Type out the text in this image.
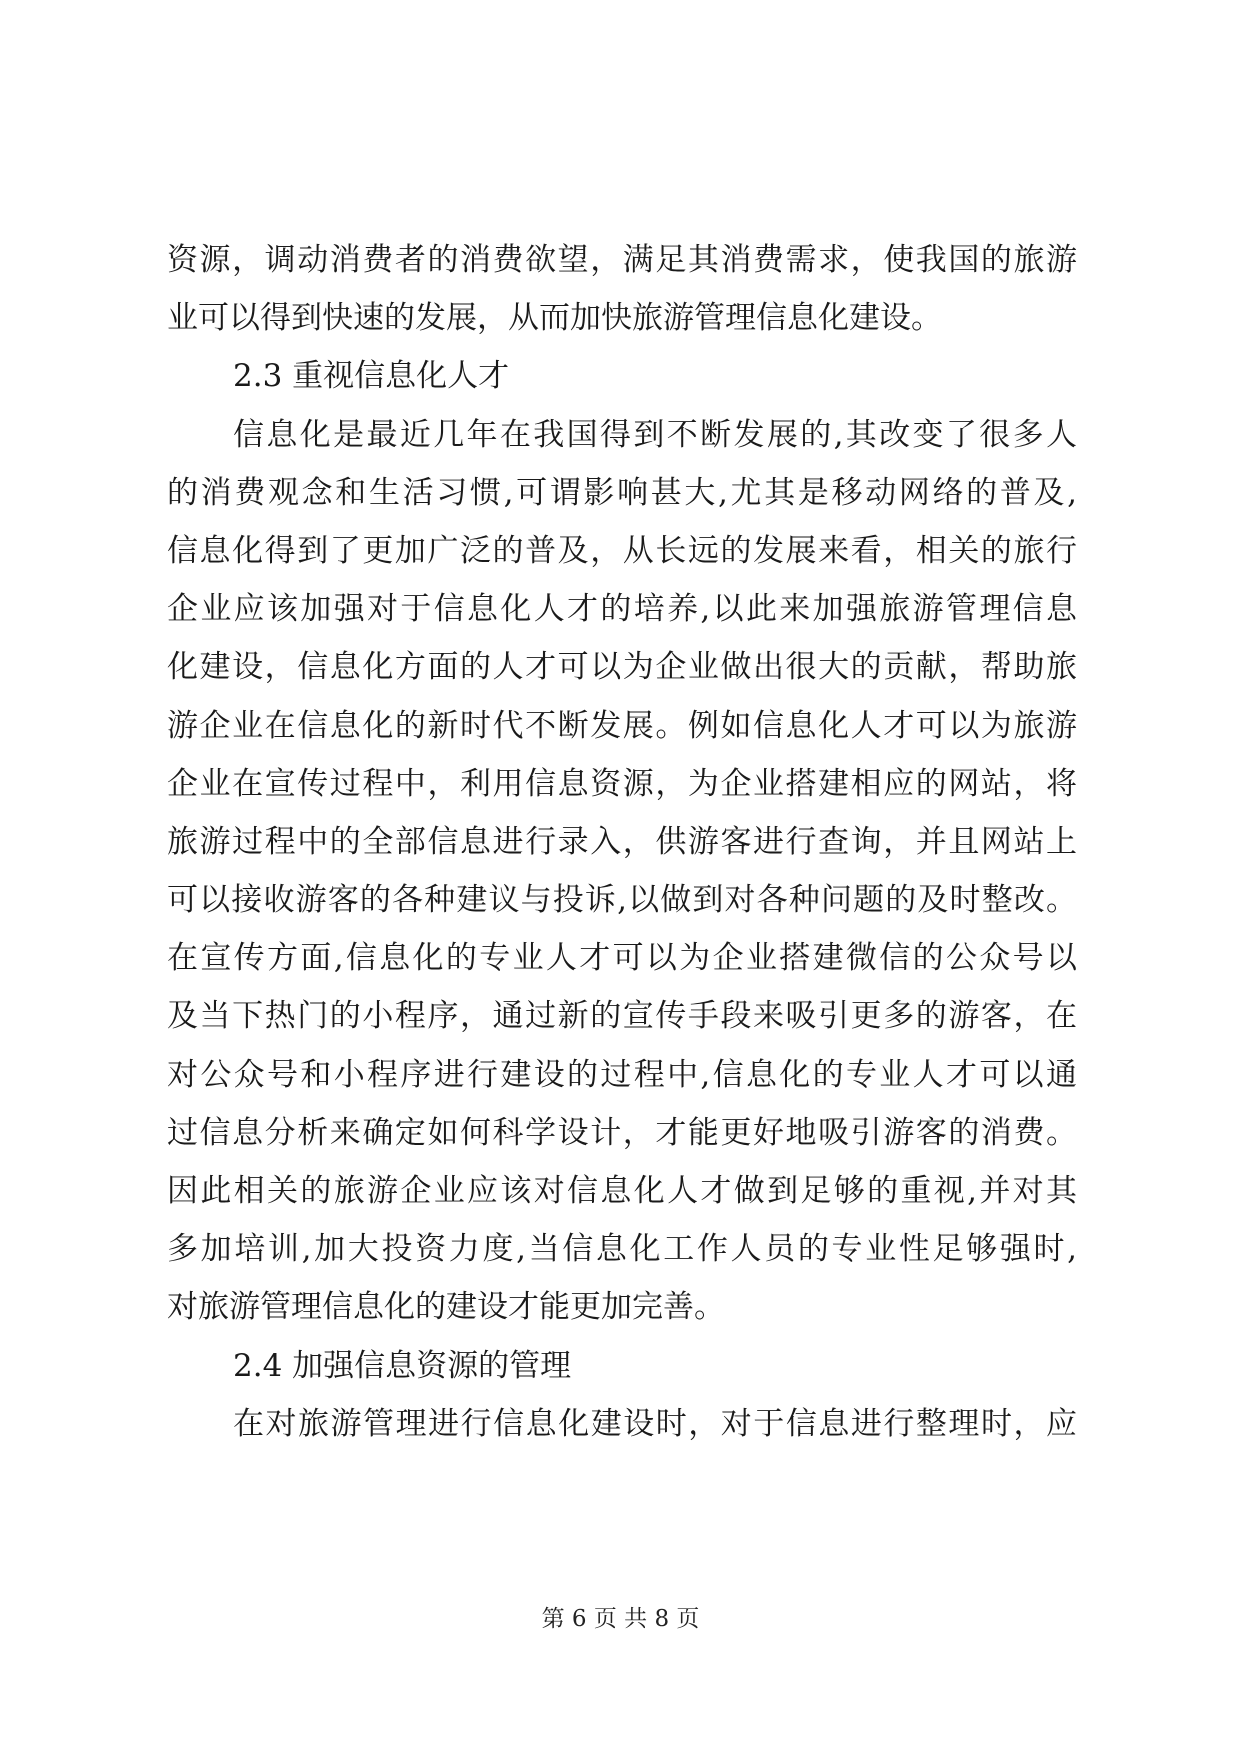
资源，调动消费者的消费欲望，满足其消费需求，使我国的旅游
业可以得到快速的发展，从而加快旅游管理信息化建设。
2.3 重视信息化人才
信息化是最近几年在我国得到不断发展的,其改变了很多人
的消费观念和生活习惯,可谓影响甚大,尤其是移动网络的普及,
信息化得到了更加广泛的普及，从长远的发展来看，相关的旅行
企业应该加强对于信息化人才的培养,以此来加强旅游管理信息
化建设，信息化方面的人才可以为企业做出很大的贡献，帮助旅
游企业在信息化的新时代不断发展。例如信息化人才可以为旅游
企业在宣传过程中，利用信息资源，为企业搭建相应的网站，将
旅游过程中的全部信息进行录入，供游客进行查询，并且网站上
可以接收游客的各种建议与投诉,以做到对各种问题的及时整改。
在宣传方面,信息化的专业人才可以为企业搭建微信的公众号以
及当下热门的小程序，通过新的宣传手段来吸引更多的游客，在
对公众号和小程序进行建设的过程中,信息化的专业人才可以通
过信息分析来确定如何科学设计，才能更好地吸引游客的消费。
因此相关的旅游企业应该对信息化人才做到足够的重视,并对其
多加培训,加大投资力度,当信息化工作人员的专业性足够强时,
对旅游管理信息化的建设才能更加完善。
2.4 加强信息资源的管理
在对旅游管理进行信息化建设时，对于信息进行整理时，应
第 6 页 共 8 页
